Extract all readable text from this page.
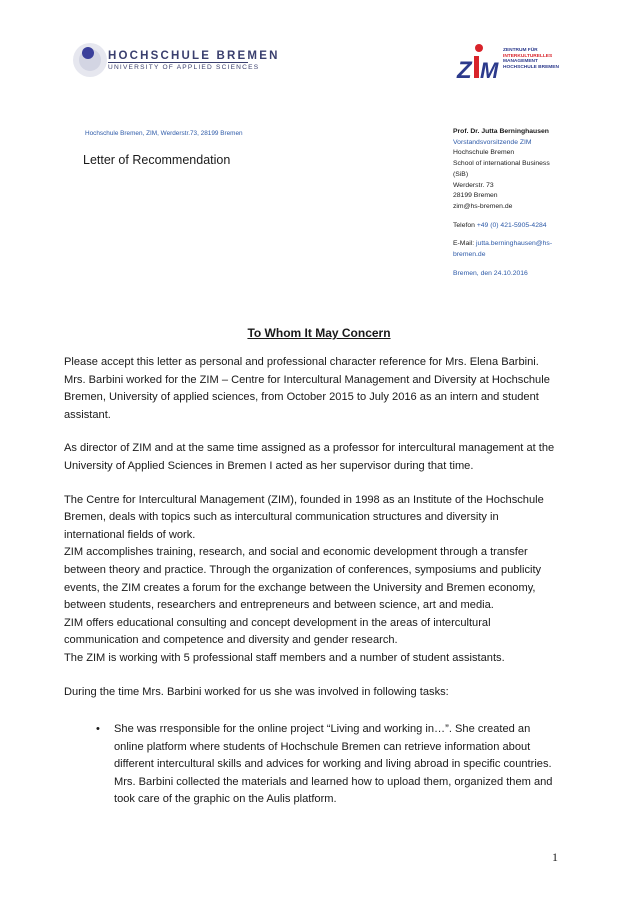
HOCHSCHULE BREMEN
UNIVERSITY OF APPLIED SCIENCES	Z M
ZENTRUM FÜR
INTERKULTURELLES
MANAGEMENT
HOCHSCHULE BREMEN
Hochschule Bremen, ZIM, Werderstr.73, 28199 Bremen
Letter of Recommendation
Prof. Dr. Jutta Berninghausen
Vorstandsvorsitzende ZIM
Hochschule Bremen
School of international Business
(SiB)
Werderstr. 73
28199 Bremen
zim@hs-bremen.de
Telefon +49 (0) 421-5905-4284
E-Mail: jutta.berninghausen@hs-bremen.de
Bremen, den 24.10.2016
To Whom It May Concern

Please accept this letter as personal and professional character reference for Mrs. Elena Barbini.

Mrs. Barbini worked for the ZIM – Centre for Intercultural Management and Diversity at Hochschule Bremen, University of applied sciences, from October 2015 to July 2016 as an intern and student assistant.

As director of ZIM and at the same time assigned as a professor for intercultural management at the University of Applied Sciences in Bremen I acted as her supervisor during that time.

The Centre for Intercultural Management (ZIM), founded in 1998 as an Institute of the Hochschule Bremen, deals with topics such as intercultural communication structures and diversity in international fields of work.

ZIM accomplishes training, research, and social and economic development through a transfer between theory and practice. Through the organization of conferences, symposiums and publicity events, the ZIM creates a forum for the exchange between the University and Bremen economy, between students, researchers and entrepreneurs and between science, art and media.

ZIM offers educational consulting and concept development in the areas of intercultural communication and competence and diversity and gender research.

The ZIM is working with 5 professional staff members and a number of student assistants.

During the time Mrs. Barbini worked for us she was involved in following tasks:

• She was rresponsible for the online project “Living and working in…”. She created an online platform where students of Hochschule Bremen can retrieve information about different intercultural skills and advices for working and living abroad in specific countries. Mrs. Barbini collected the materials and learned how to upload them, organized them and took care of the graphic on the Aulis platform.
1
